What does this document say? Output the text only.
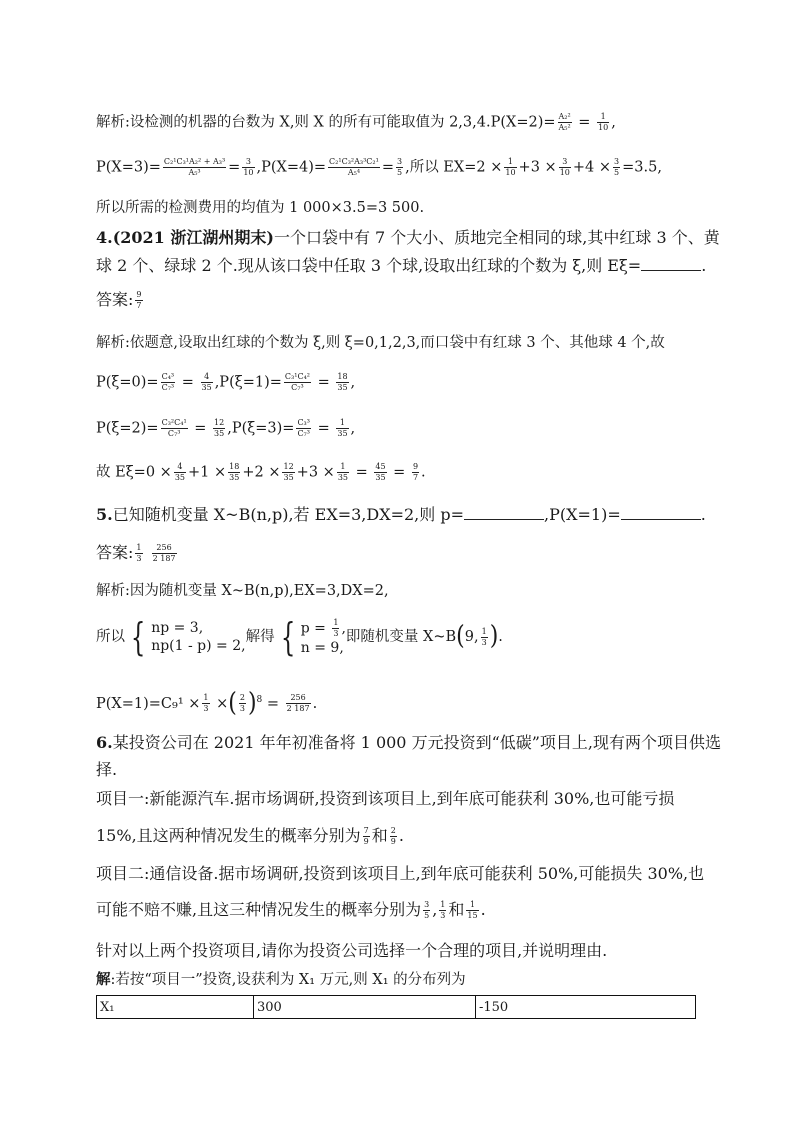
解析:设检测的机器的台数为 X,则 X 的所有可能取值为 $2,3,4.P(X=2)= \frac{\text{A₂²}}{\text{A₅²}} = \frac{1}{10}$ ,
$P(X=3)= \frac{\text{C₂¹C₃¹A₂² + A₃³}}{\text{A₅³}} = \frac{3}{10} ,P(X=4)= \frac{\text{C₂¹C₃²A₃³C₂¹}}{\text{A₅⁴}} = \frac{3}{5}$ ,所以 $EX=2 \times \frac{1}{10} +3 \times \frac{3}{10} +4 \times \frac{3}{5} =3.5$,
所以所需的检测费用的均值为 1 000×3.5=3 500.
4.(2021 浙江湖州期末)一个口袋中有 7 个大小、质地完全相同的球,其中红球 3 个、黄
球 2 个、绿球 2 个.现从该口袋中任取 3 个球,设取出红球的个数为 ξ,则 Eξ=	.
答案: $\frac{9}{7}$
解析:依题意,设取出红球的个数为 ξ,则 ξ=0,1,2,3,而口袋中有红球 3 个、其他球 4 个,故
$P(\xi=0)= \frac{\text{C₄³}}{\text{C₇³}} = \frac{4}{35} ,P(\xi=1)= \frac{\text{C₃¹C₄²}}{\text{C₇³}} = \frac{18}{35}$ ,
$P(\xi=2)= \frac{\text{C₃²C₄¹}}{\text{C₇³}} = \frac{12}{35} ,P(\xi=3)= \frac{\text{C₃³}}{\text{C₇³}} = \frac{1}{35}$ ,
故 $E\xi=0 \times \frac{4}{35} +1 \times \frac{18}{35} +2 \times \frac{12}{35} +3 \times \frac{1}{35} = \frac{45}{35} = \frac{9}{7}$ .
5.已知随机变量 X~B(n,p),若 EX=3,DX=2,则 p=	,P(X=1)=	.
答案: $\frac{1}{3}$
$\frac{256}{2 187}$
解析:因为随机变量 X~B(n,p),EX=3,DX=2,
所以 { np = 3,
np(1 - p) = 2,
解得 { $p = \frac{1}{3}$ ,
n = 9,
即随机变量 X~B(9, $\frac{1}{3}$ ).
$P(X=1)=C_9^1 \times \frac{1}{3}$ ×( $\frac{2}{3} )^8 = \frac{256}{2 187}$ .
6.某投资公司在 2021 年年初准备将 1 000 万元投资到“低碳”项目上,现有两个项目供选
择.
项目一:新能源汽车.据市场调研,投资到该项目上,到年底可能获利 30%,也可能亏损
15%,且这两种情况发生的概率分别为 $\frac{7}{9}$ 和 $\frac{2}{9}$ .
项目二:通信设备.据市场调研,投资到该项目上,到年底可能获利 50%,可能损失 30%,也
可能不赔不赚,且这三种情况发生的概率分别为 $\frac{3}{5}$ , $\frac{1}{3}$ 和 $\frac{1}{15}$ .
针对以上两个投资项目,请你为投资公司选择一个合理的项目,并说明理由.
解:若按“项目一”投资,设获利为 X₁ 万元,则 X₁ 的分布列为
X₁	300	-150
